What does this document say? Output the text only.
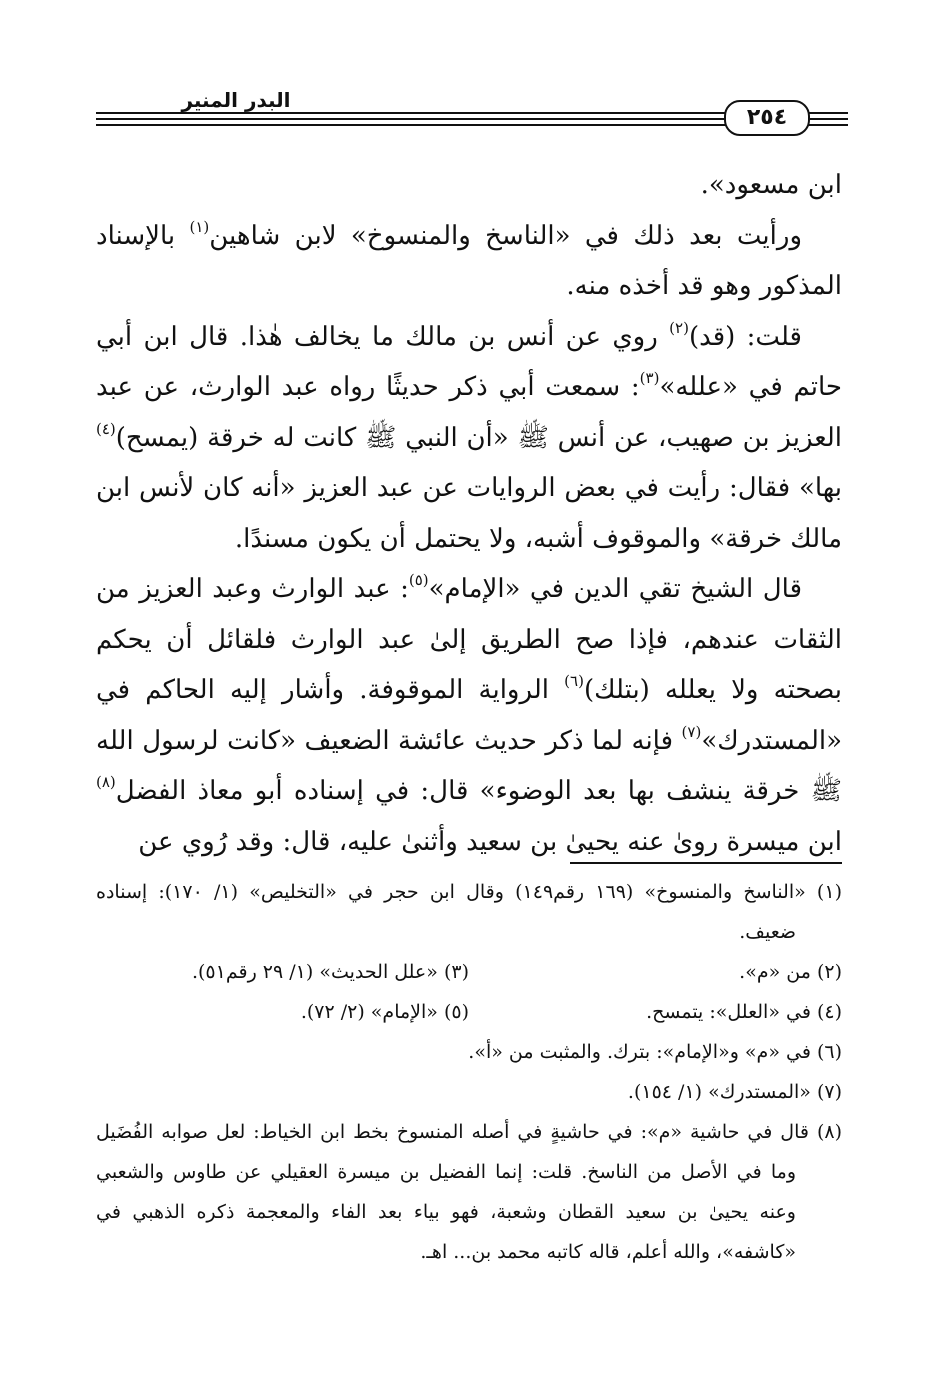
البدر المنير
٢٥٤

ابن مسعود».

ورأيت بعد ذلك في «الناسخ والمنسوخ» لابن شاهين$^{(١)}$ بالإسناد المذكور وهو قد أخذه منه.

قلت: (قد)$^{(٢)}$ روي عن أنس بن مالك ما يخالف هٰذا. قال ابن أبي حاتم في «علله»$^{(٣)}$: سمعت أبي ذكر حديثًا رواه عبد الوارث، عن عبد العزيز بن صهيب، عن أنس ﷺ «أن النبي ﷺ كانت له خرقة (يمسح)$^{(٤)}$ بها» فقال: رأيت في بعض الروايات عن عبد العزيز «أنه كان لأنس ابن مالك خرقة» والموقوف أشبه، ولا يحتمل أن يكون مسندًا.

قال الشيخ تقي الدين في «الإمام»$^{(٥)}$: عبد الوارث وعبد العزيز من الثقات عندهم، فإذا صح الطريق إلىٰ عبد الوارث فلقائل أن يحكم بصحته ولا يعلله (بتلك)$^{(٦)}$ الرواية الموقوفة. وأشار إليه الحاكم في «المستدرك»$^{(٧)}$ فإنه لما ذكر حديث عائشة الضعيف «كانت لرسول الله ﷺ خرقة ينشف بها بعد الوضوء» قال: في إسناده أبو معاذ الفضل$^{(٨)}$ ابن ميسرة روىٰ عنه يحيىٰ بن سعيد وأثنىٰ عليه، قال: وقد رُوي عن

(١) «الناسخ والمنسوخ» (١٦٩ رقم١٤٩) وقال ابن حجر في «التخليص» (١/ ١٧٠): إسناده ضعيف.

(٢) من «م».
(٣) «علل الحديث» (١/ ٢٩ رقم٥١).
(٤) في «العلل»: يتمسح.
(٥) «الإمام» (٢/ ٧٢).

(٦) في «م» و«الإمام»: بترك. والمثبت من «أ».

(٧) «المستدرك» (١/ ١٥٤).

(٨) قال في حاشية «م»: في حاشيةٍ في أصله المنسوخ بخط ابن الخياط: لعل صوابه الفُضَيل وما في الأصل من الناسخ. قلت: إنما الفضيل بن ميسرة العقيلي عن طاوس والشعبي وعنه يحيىٰ بن سعيد القطان وشعبة، فهو بياء بعد الفاء والمعجمة ذكره الذهبي في «كاشفه»، والله أعلم، قاله كاتبه محمد بن... اهـ.
